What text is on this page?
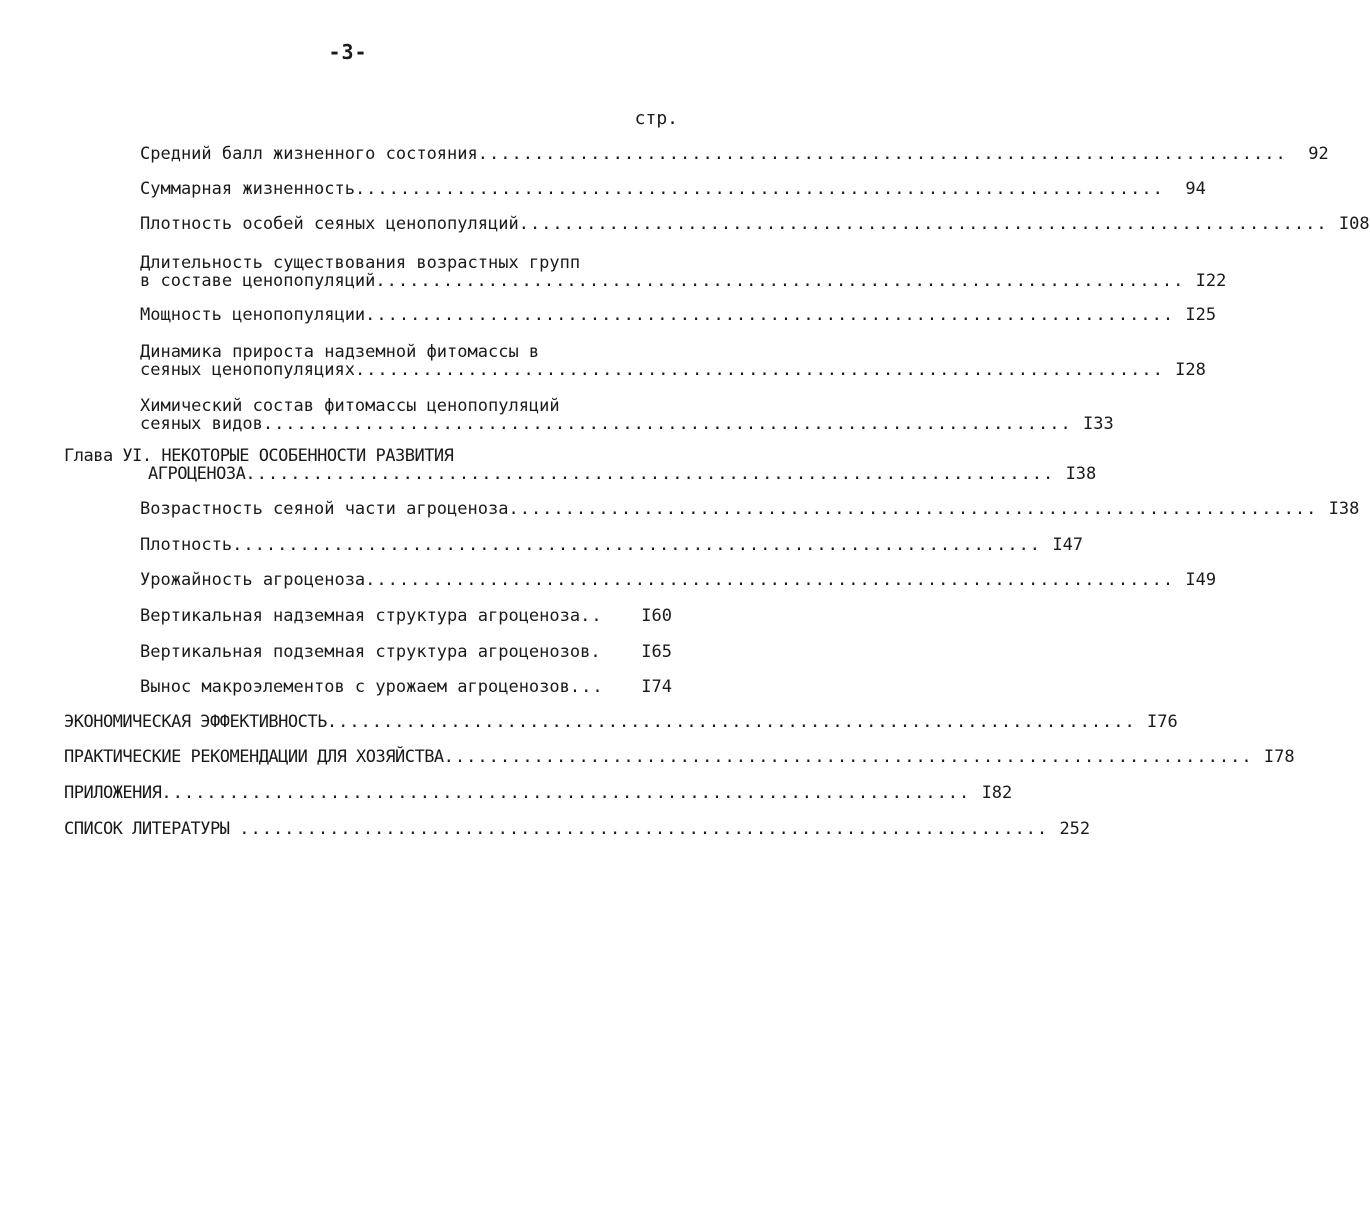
-3-
стр.
Средний балл жизненного состояния ........................................................................	92
Суммарная жизненность ........................................................................	94
Плотность особей сеяных ценопопуляций ........................................................................ I08
Длительность существования возрастных групп
в составе ценопопуляций ........................................................................ I22
Мощность ценопопуляции ........................................................................ I25
Динамика прироста надземной фитомассы в
сеяных ценопопуляциях ........................................................................ I28
Химический состав фитомассы ценопопуляций
сеяных видов ........................................................................ I33
Глава УI. НЕКОТОРЫЕ ОСОБЕННОСТИ РАЗВИТИЯ
АГРОЦЕНОЗА ........................................................................ I38
Возрастность сеяной части агроценоза ........................................................................ I38
Плотность ........................................................................ I47
Урожайность агроценоза ........................................................................ I49
Вертикальная надземная структура агроценоза ..	I60
Вертикальная подземная структура агроценозов .	I65
Вынос макроэлементов с урожаем агроценозов ...	I74
ЭКОНОМИЧЕСКАЯ ЭФФЕКТИВНОСТЬ ........................................................................ I76
ПРАКТИЧЕСКИЕ РЕКОМЕНДАЦИИ ДЛЯ ХОЗЯЙСТВА ........................................................................ I78
ПРИЛОЖЕНИЯ ........................................................................ I82
СПИСОК ЛИТЕРАТУРЫ ........................................................................ 252
